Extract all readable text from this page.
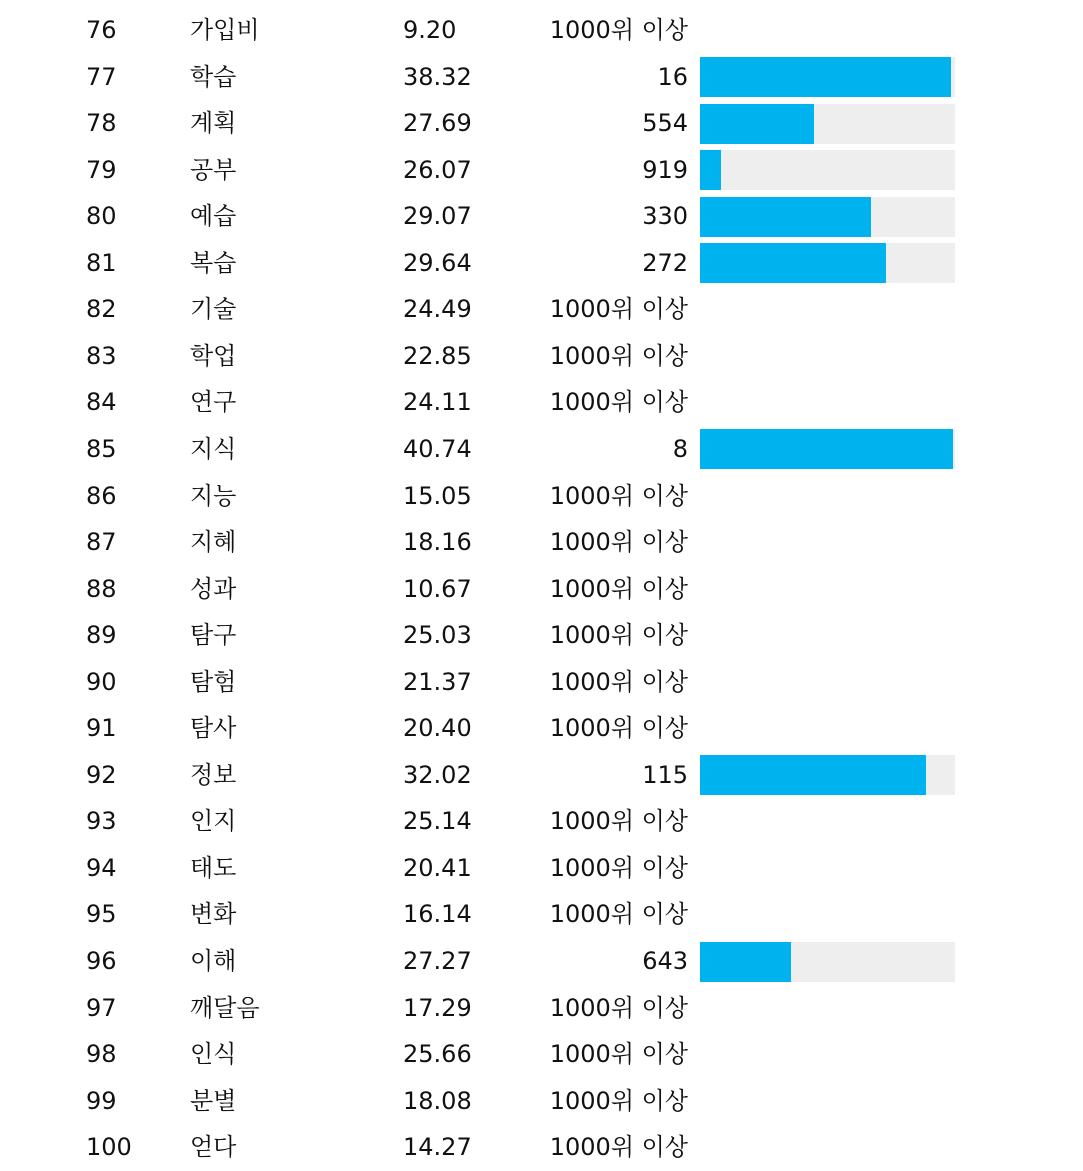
76	가입비	9.20	1000위 이상
77	학습	38.32	16
78	계획	27.69	554
79	공부	26.07	919
80	예습	29.07	330
81	복습	29.64	272
82	기술	24.49	1000위 이상
83	학업	22.85	1000위 이상
84	연구	24.11	1000위 이상
85	지식	40.74	8
86	지능	15.05	1000위 이상
87	지혜	18.16	1000위 이상
88	성과	10.67	1000위 이상
89	탐구	25.03	1000위 이상
90	탐험	21.37	1000위 이상
91	탐사	20.40	1000위 이상
92	정보	32.02	115
93	인지	25.14	1000위 이상
94	태도	20.41	1000위 이상
95	변화	16.14	1000위 이상
96	이해	27.27	643
97	깨달음	17.29	1000위 이상
98	인식	25.66	1000위 이상
99	분별	18.08	1000위 이상
100 얻다	14.27	1000위 이상
